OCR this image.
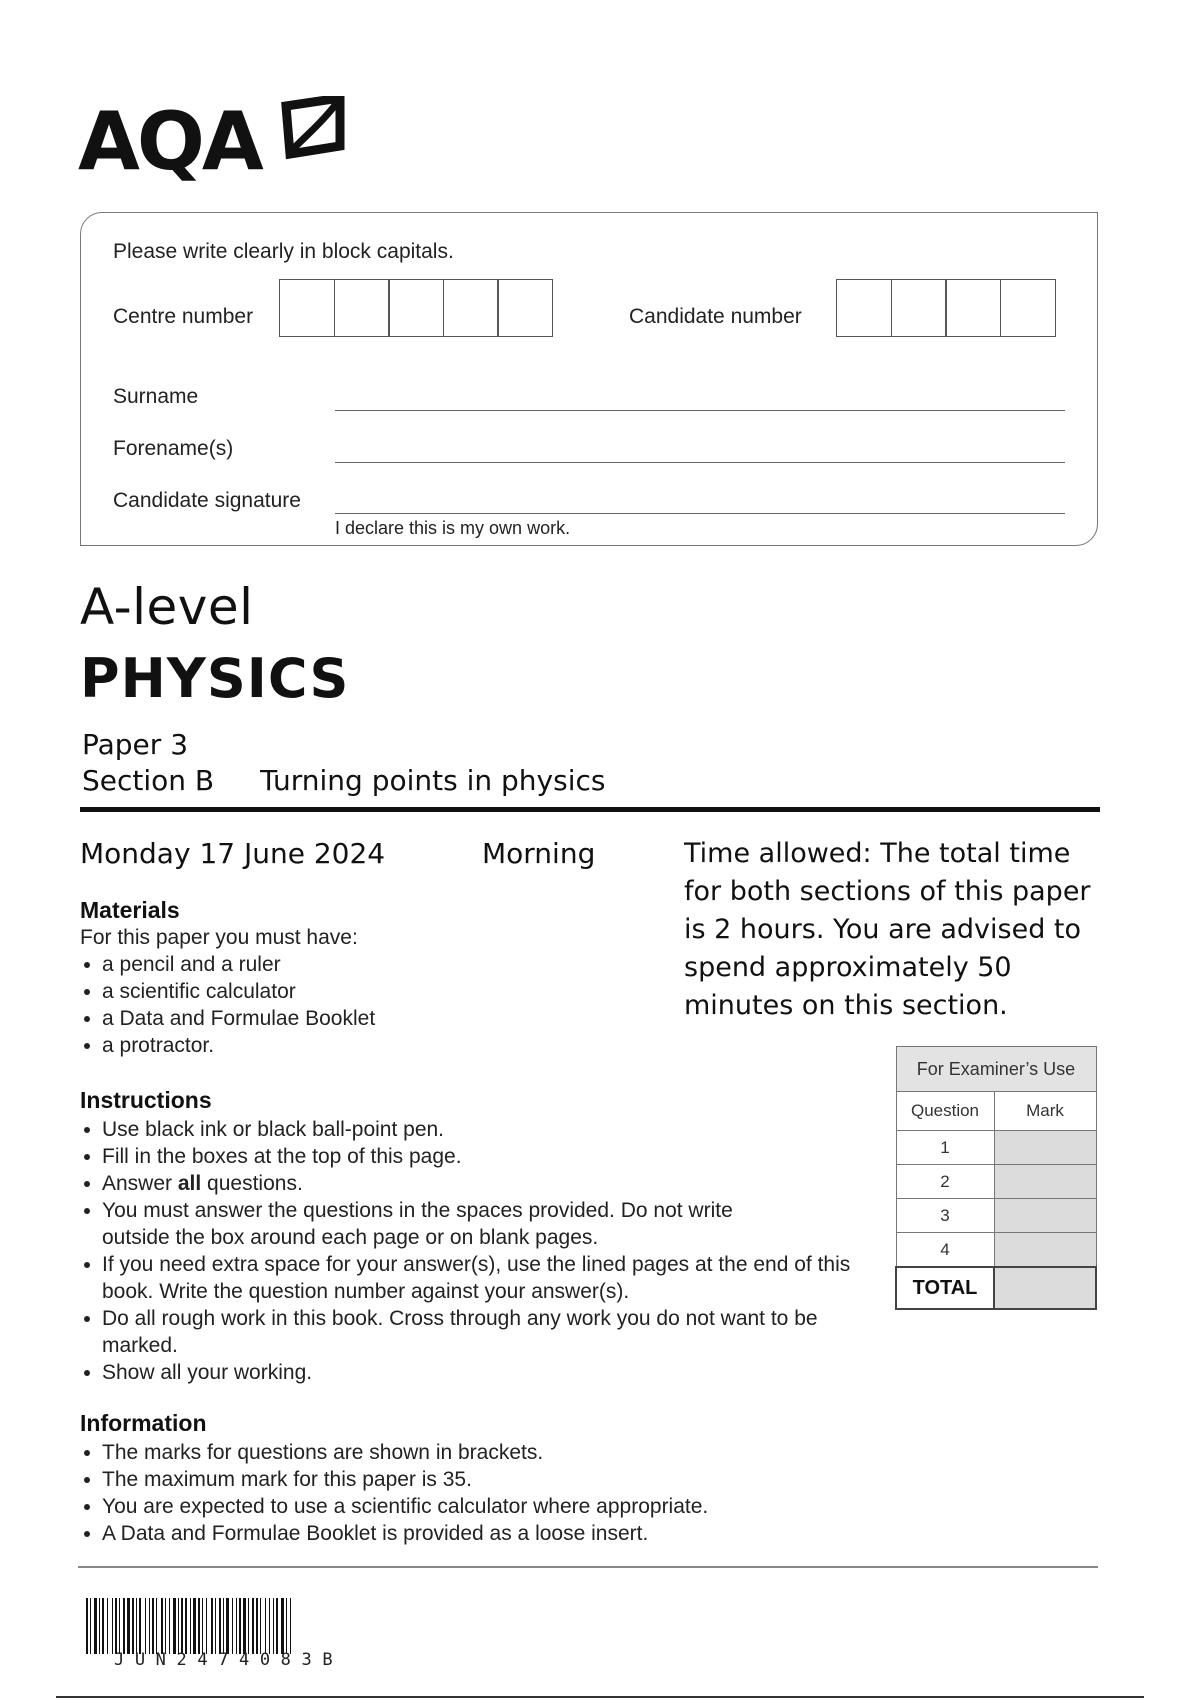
AQA
Please write clearly in block capitals.
Centre number	Candidate number
Surname
Forename(s)
Candidate signature
I declare this is my own work.
A-level
PHYSICS
Paper 3
Section B Turning points in physics
Monday 17 June 2024	Morning	Time allowed: The total time for both sections of this paper is 2 hours. You are advised to spend approximately 50 minutes on this section.
Materials
For this paper you must have:
a pencil and a ruler
a scientific calculator
a Data and Formulae Booklet
a protractor.
Instructions
Use black ink or black ball-point pen.
Fill in the boxes at the top of this page.
Answer all questions.
You must answer the questions in the spaces provided. Do not write outside the box around each page or on blank pages.
If you need extra space for your answer(s), use the lined pages at the end of this book. Write the question number against your answer(s).
Do all rough work in this book. Cross through any work you do not want to be marked.
Show all your working.
Information
The marks for questions are shown in brackets.
The maximum mark for this paper is 35.
You are expected to use a scientific calculator where appropriate.
A Data and Formulae Booklet is provided as a loose insert.
For Examiner’s Use	
Question	Mark
1	
2	
3	
4	
TOTAL	
JUN2474083B
